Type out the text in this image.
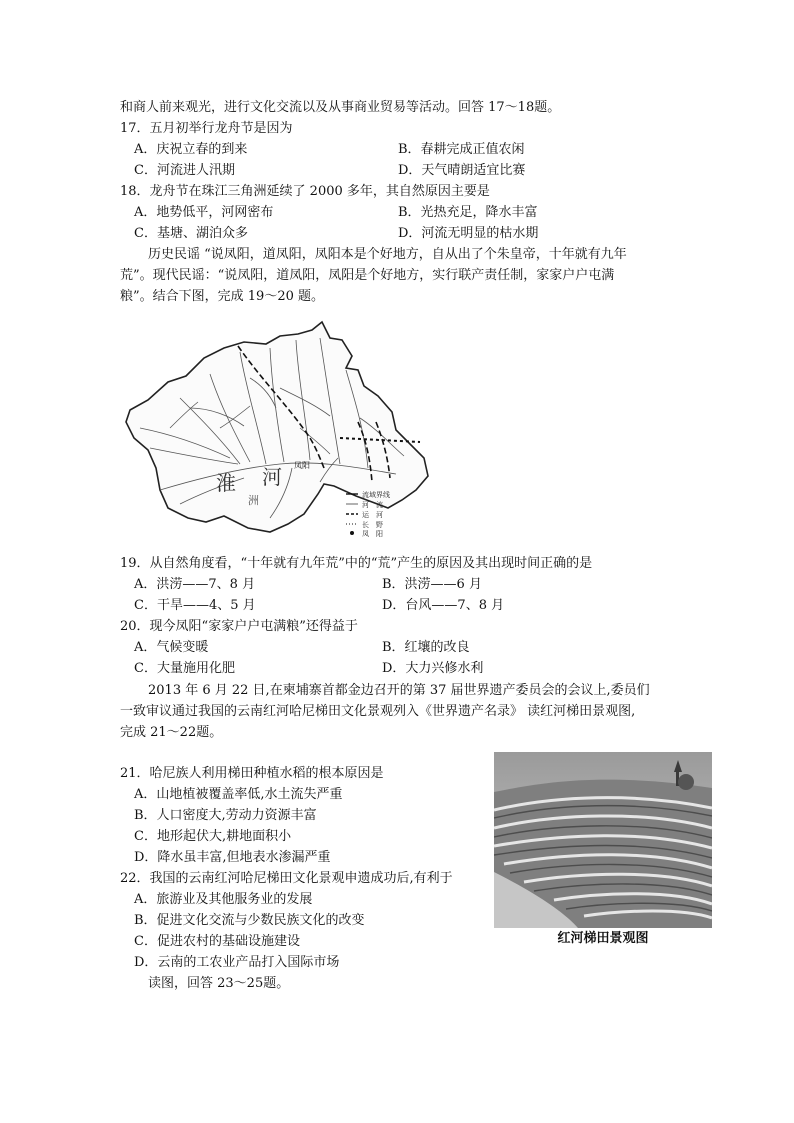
和商人前来观光，进行文化交流以及从事商业贸易等活动。回答 17～18题。
17．五月初举行龙舟节是因为
A．庆祝立春的到来	B．春耕完成正值农闲
C．河流进人汛期	D．天气晴朗适宜比赛
18．龙舟节在珠江三角洲延续了 2000 多年，其自然原因主要是
A．地势低平，河网密布	B．光热充足，降水丰富
C．基塘、湖泊众多	D．河流无明显的枯水期
历史民谣 “说凤阳，道凤阳，凤阳本是个好地方，自从出了个朱皇帝，十年就有九年
荒”。现代民谣：“说凤阳，道凤阳，凤阳是个好地方，实行联产责任制，家家户户屯满
粮”。结合下图，完成 19～20 题。
淮 河
洲
凤阳
流域界线
河　流
运　河
长　野
凤　阳
19．从自然角度看，“十年就有九年荒”中的“荒”产生的原因及其出现时间正确的是
A．洪涝——7、8 月	B．洪涝——6 月
C．干旱——4、5 月	D．台风——7、8 月
20．现今凤阳“家家户户屯满粮”还得益于
A．气候变暖	B．红壤的改良
C．大量施用化肥	D．大力兴修水利
2013 年 6 月 22 日,在柬埔寨首都金边召开的第 37 届世界遗产委员会的会议上,委员们
一致审议通过我国的云南红河哈尼梯田文化景观列入《世界遗产名录》 读红河梯田景观图,
完成 21～22题。
21．哈尼族人利用梯田种植水稻的根本原因是
A．山地植被覆盖率低,水土流失严重
B．人口密度大,劳动力资源丰富
C．地形起伏大,耕地面积小
D．降水虽丰富,但地表水渗漏严重
22．我国的云南红河哈尼梯田文化景观申遗成功后,有利于
A．旅游业及其他服务业的发展
B．促进文化交流与少数民族文化的改变
C．促进农村的基础设施建设
D．云南的工农业产品打入国际市场
读图，回答 23～25题。
红河梯田景观图
